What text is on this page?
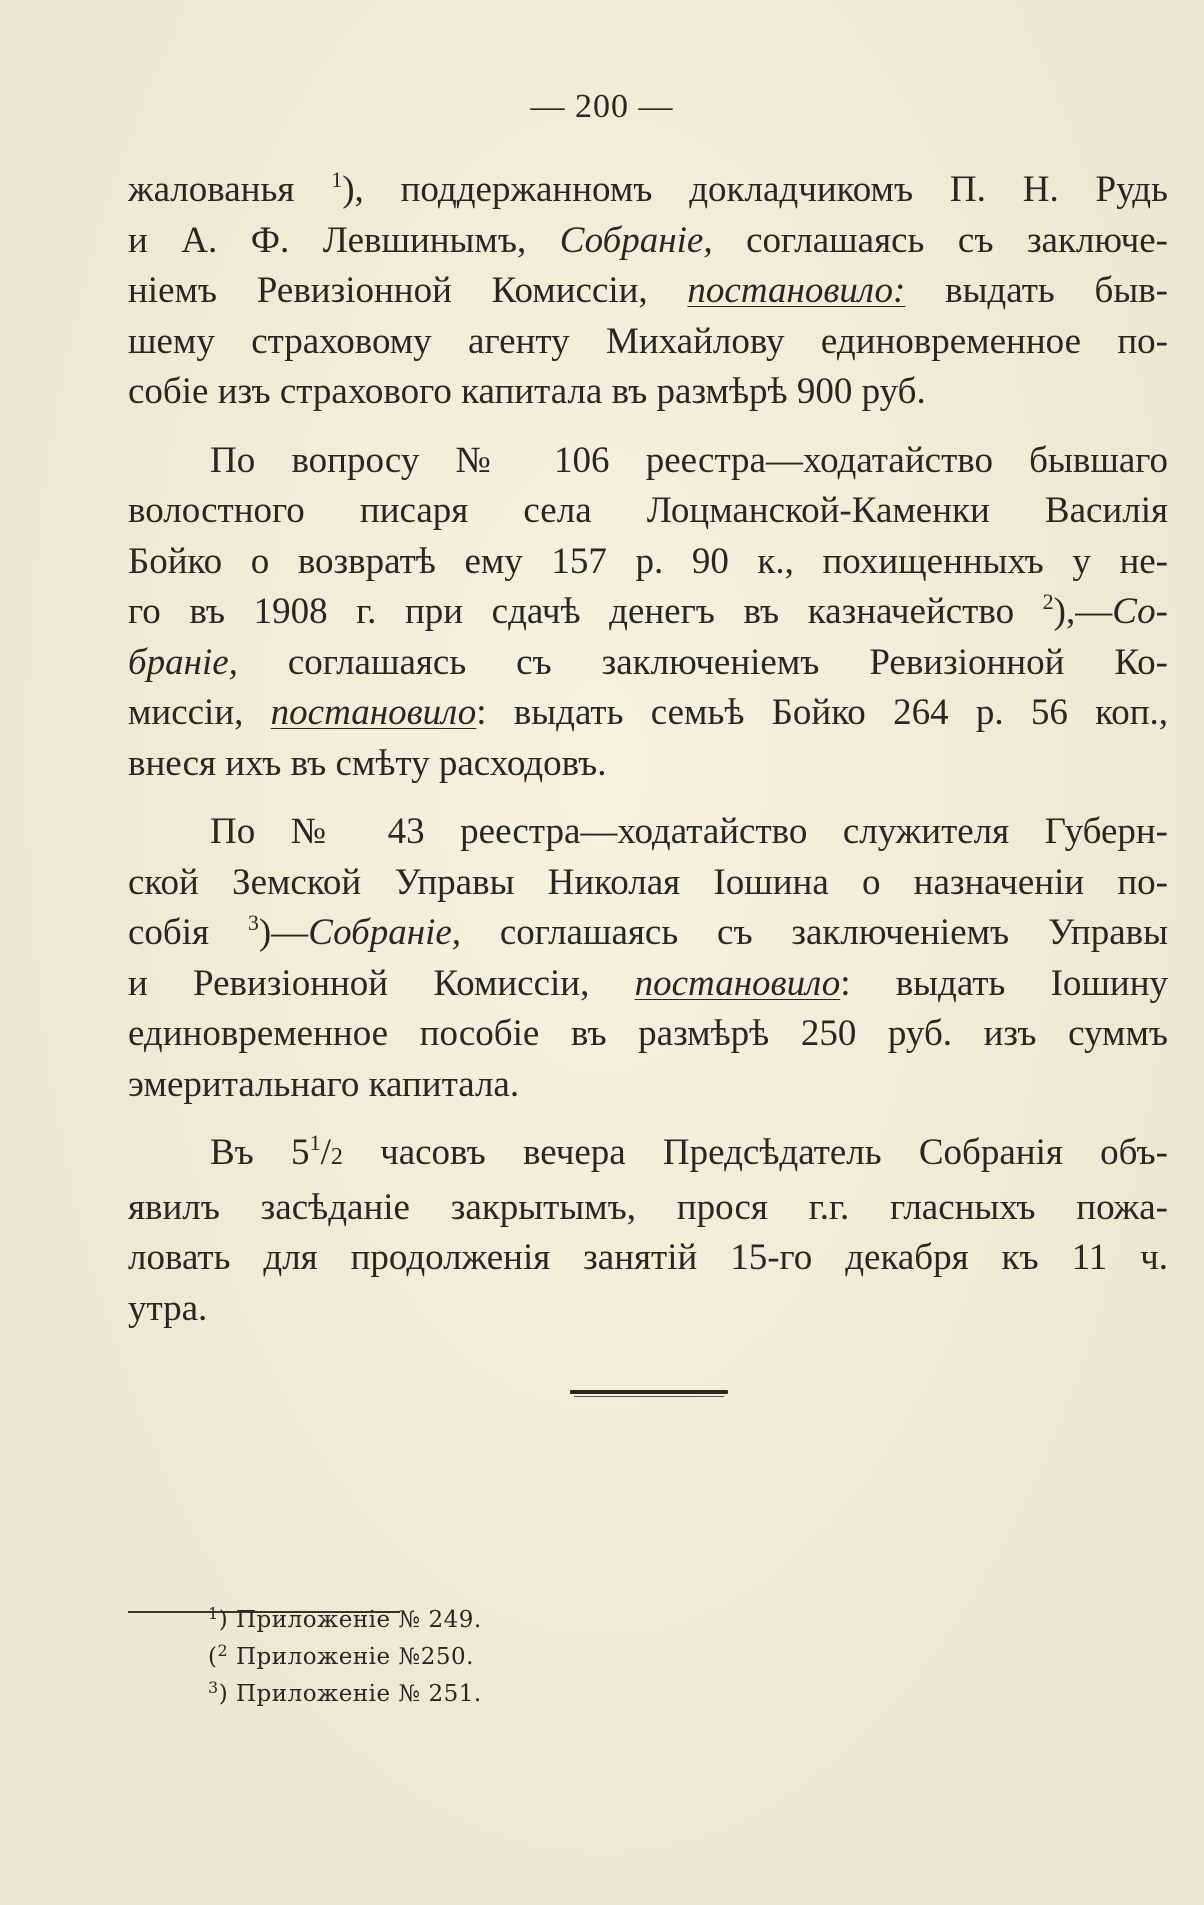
— 200 —

жалованья $^1$), поддержанномъ докладчикомъ П. Н. Рудь
и А. Ф. Левшинымъ, Собраніе, соглашаясь съ заключе-
ніемъ Ревизіонной Комиссіи, постановило: выдать быв-
шему страховому агенту Михайлову единовременное по-
собіе изъ страхового капитала въ размѣрѣ 900 руб.

По вопросу № 106 реестра—ходатайство бывшаго
волостного писаря села Лоцманской-Каменки Василія
Бойко о возвратѣ ему 157 р. 90 к., похищенныхъ у не-
го въ 1908 г. при сдачѣ денегъ въ казначейство $^2$),—Со-
браніе, соглашаясь съ заключеніемъ Ревизіонной Ко-
миссіи, постановило: выдать семьѣ Бойко 264 р. 56 коп.,
внеся ихъ въ смѣту расходовъ.

По № 43 реестра—ходатайство служителя Губерн-
ской Земской Управы Николая Іошина о назначеніи по-
собія $^3$)—Собраніе, соглашаясь съ заключеніемъ Управы
и Ревизіонной Комиссіи, постановило: выдать Іошину
единовременное пособіе въ размѣрѣ 250 руб. изъ суммъ
эмеритальнаго капитала.

Въ $5^1/2$ часовъ вечера Предсѣдатель Собранія объ-
явилъ засѣданіе закрытымъ, прося г.г. гласныхъ пожа-
ловать для продолженія занятій 15-го декабря къ 11 ч.
утра.

$^1$) Приложеніе № 249.
($^2$ Приложеніе №250.
$^3$) Приложеніе № 251.
